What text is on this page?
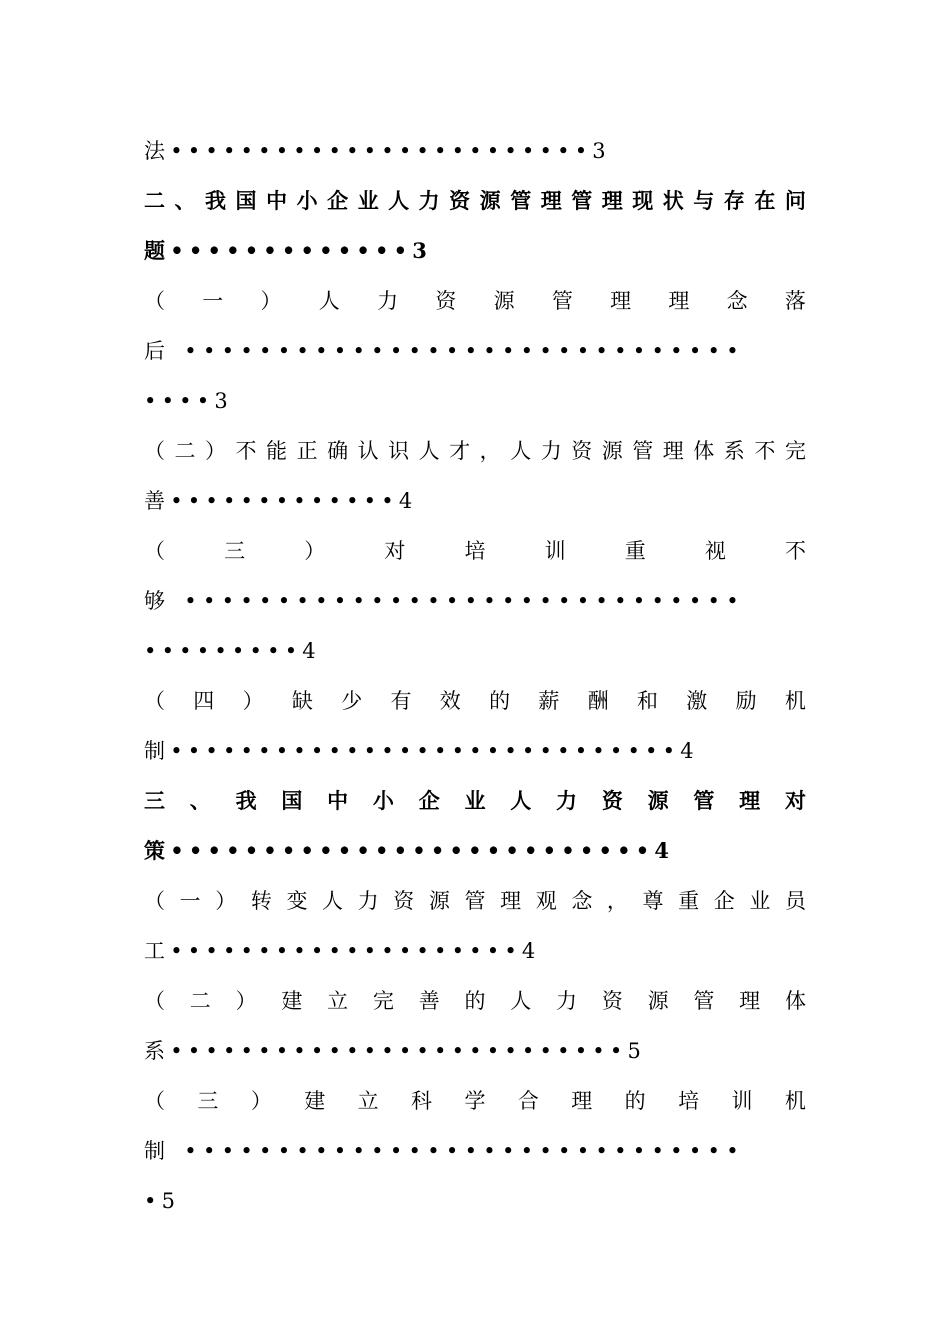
法••••••••••••••••••••••••3
二 、 我 国 中 小 企 业 人 力 资 源 管 理 管 理 现 状 与 存 在 问
题•••••••••••••3
（ 一 ） 人 力 资 源 管 理 理 念 落
后 ••••••••••••••••••••••••••••••
••••3
（ 二 ） 不 能 正 确 认 识 人 才 ， 人 力 资 源 管 理 体 系 不 完
善•••••••••••••4
（	三	）	对	培	训	重	视	不
够 ••••••••••••••••••••••••••••••
•••••••••4
（ 四 ） 缺 少 有 效 的 薪 酬 和 激 励 机
制•••••••••••••••••••••••••••••4
三 、 我 国 中 小 企 业 人 力 资 源 管 理 对
策••••••••••••••••••••••••••4
（ 一 ） 转 变 人 力 资 源 管 理 观 念 ， 尊 重 企 业 员
工••••••••••••••••••••4
（ 二 ） 建 立 完 善 的 人 力 资 源 管 理 体
系••••••••••••••••••••••••••5
（ 三 ） 建 立 科 学 合 理 的 培 训 机
制 ••••••••••••••••••••••••••••••
•5
